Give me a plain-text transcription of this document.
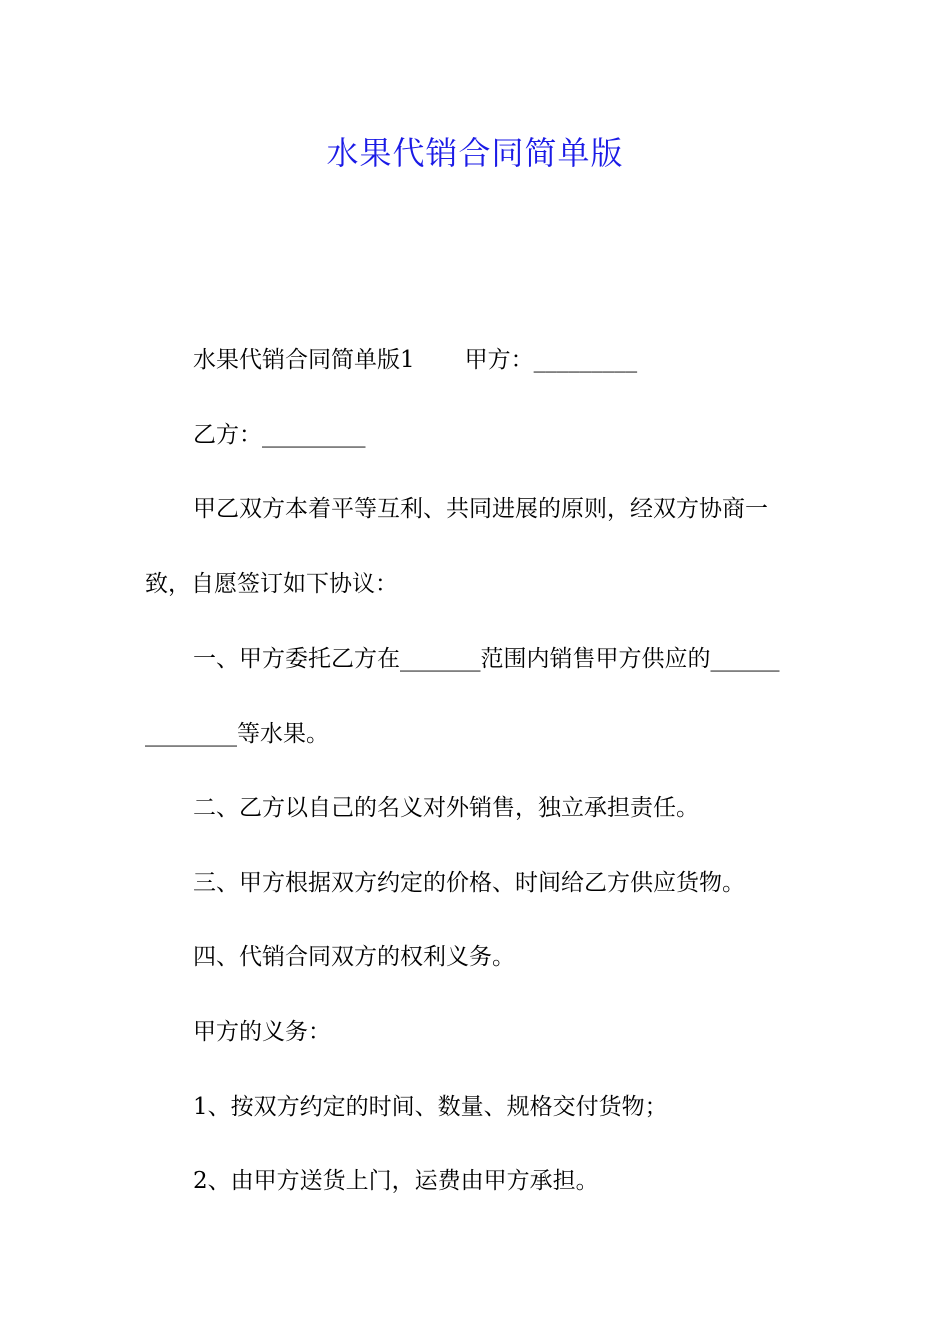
水果代销合同简单版
水果代销合同简单版1 甲方：_________
乙方：_________
甲乙双方本着平等互利、共同进展的原则，经双方协商一
致，自愿签订如下协议：
一、甲方委托乙方在_______范围内销售甲方供应的______
________等水果。
二、乙方以自己的名义对外销售，独立承担责任。
三、甲方根据双方约定的价格、时间给乙方供应货物。
四、代销合同双方的权利义务。
甲方的义务：
1、按双方约定的时间、数量、规格交付货物；
2、由甲方送货上门，运费由甲方承担。
